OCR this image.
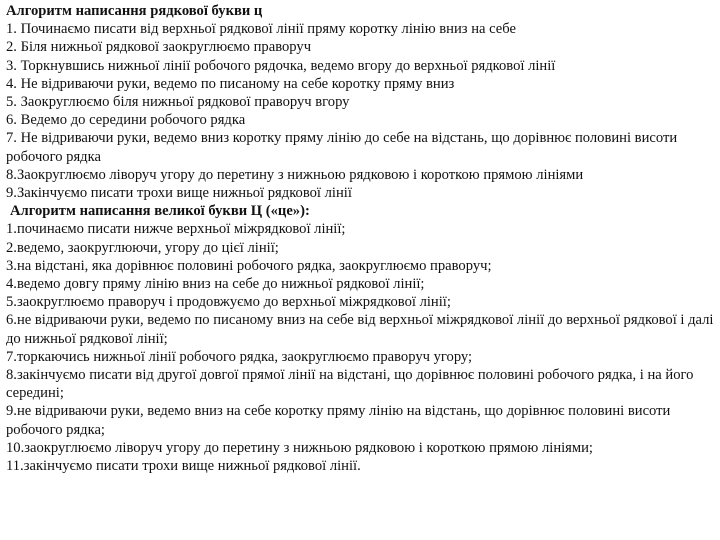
Алгоритм написання рядкової букви ц

1. Починаємо писати від верхньої рядкової лінії пряму коротку лінію вниз на себе

2. Біля нижньої рядкової заокруглюємо праворуч

3. Торкнувшись нижньої лінії робочого рядочка, ведемо вгору до верхньої рядкової лінії

4. Не відриваючи руки, ведемо по писаному на себе коротку пряму вниз

5. Заокруглюємо біля нижньої рядкової праворуч вгору

6. Ведемо до середини робочого рядка

7. Не відриваючи руки, ведемо вниз коротку пряму лінію до себе на відстань, що дорівнює половині висоти робочого рядка

8.Заокруглюємо ліворуч угору до перетину з нижньою рядковою і короткою прямою лініями

9.Закінчуємо писати трохи вище нижньої рядкової лінії

Алгоритм написання великої букви Ц («це»):

1.починаємо писати нижче верхньої міжрядкової лінії;

2.ведемо, заокруглюючи, угору до цієї лінії;

3.на відстані, яка дорівнює половині робочого рядка, заокруглюємо праворуч;

4.ведемо довгу пряму лінію вниз на себе до нижньої рядкової лінії;

5.заокруглюємо праворуч і продовжуємо до верхньої міжрядкової лінії;

6.не відриваючи руки, ведемо по писаному вниз на себе від верхньої міжрядкової лінії до верхньої рядкової і далі до нижньої рядкової лінії;

7.торкаючись нижньої лінії робочого рядка, заокруглюємо праворуч угору;

8.закінчуємо писати від другої довгої прямої лінії на відстані, що дорівнює половині робочого рядка, і на його середині;

9.не відриваючи руки, ведемо вниз на себе коротку пряму лінію на відстань, що дорівнює половині висоти робочого рядка;

10.заокруглюємо ліворуч угору до перетину з нижньою рядковою і короткою прямою лініями;

11.закінчуємо писати трохи вище нижньої рядкової лінії.
